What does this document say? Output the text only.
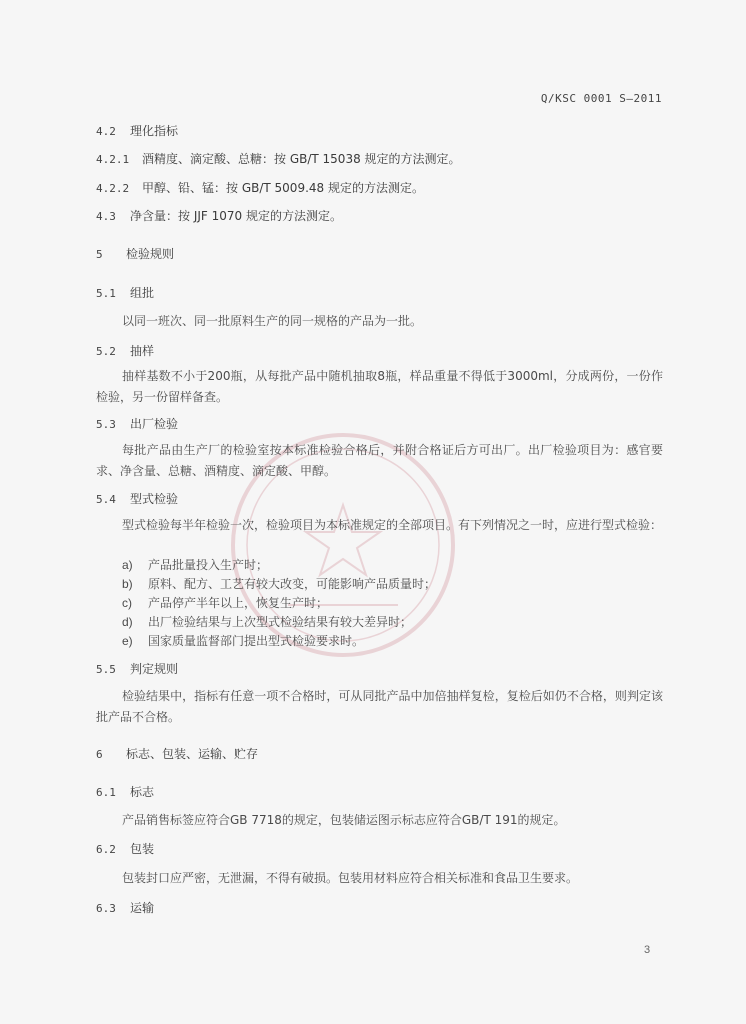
Q/KSC 0001 S—2011
4.2 理化指标
4.2.1 酒精度、滴定酸、总糖：按 GB/T 15038 规定的方法测定。
4.2.2 甲醇、铅、锰：按 GB/T 5009.48 规定的方法测定。
4.3 净含量：按 JJF 1070 规定的方法测定。
5 检验规则
5.1 组批
以同一班次、同一批原料生产的同一规格的产品为一批。
5.2 抽样
抽样基数不小于200瓶，从每批产品中随机抽取8瓶，样品重量不得低于3000ml，分成两份，一份作检验，另一份留样备查。
5.3 出厂检验
每批产品由生产厂的检验室按本标准检验合格后，并附合格证后方可出厂。出厂检验项目为：感官要求、净含量、总糖、酒精度、滴定酸、甲醇。
5.4 型式检验
型式检验每半年检验一次，检验项目为本标准规定的全部项目。有下列情况之一时，应进行型式检验：
a) 产品批量投入生产时；
b) 原料、配方、工艺有较大改变，可能影响产品质量时；
c) 产品停产半年以上，恢复生产时；
d) 出厂检验结果与上次型式检验结果有较大差异时；
e) 国家质量监督部门提出型式检验要求时。
5.5 判定规则
检验结果中，指标有任意一项不合格时，可从同批产品中加倍抽样复检，复检后如仍不合格，则判定该批产品不合格。
6 标志、包装、运输、贮存
6.1 标志
产品销售标签应符合GB 7718的规定，包装储运图示标志应符合GB/T 191的规定。
6.2 包装
包装封口应严密，无泄漏，不得有破损。包装用材料应符合相关标准和食品卫生要求。
6.3 运输
3
